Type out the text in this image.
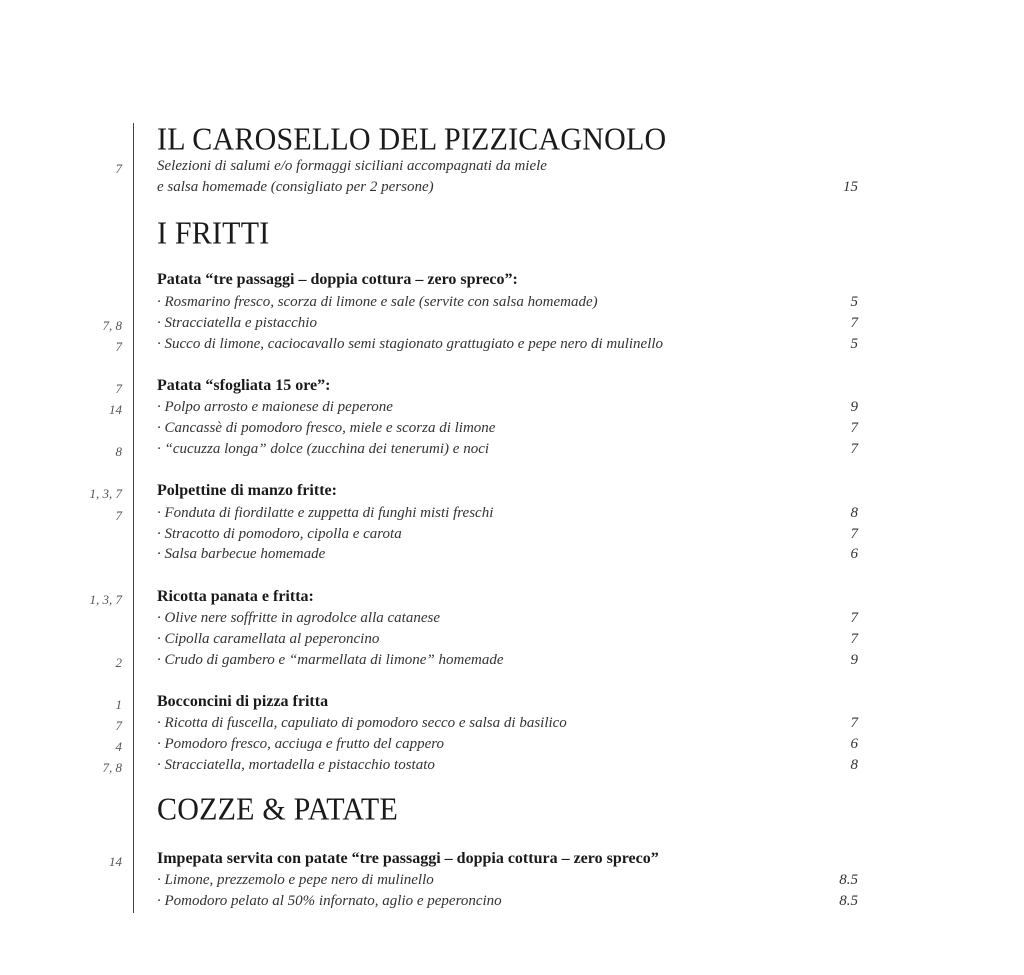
IL CAROSELLO DEL PIZZICAGNOLO
7 Selezioni di salumi e/o formaggi siciliani accompagnati da miele
e salsa homemade (consigliato per 2 persone)	15
I FRITTI
Patata “tre passaggi – doppia cottura – zero spreco”:
· Rosmarino fresco, scorza di limone e sale (servite con salsa homemade)	5
7, 8 · Stracciatella e pistacchio	7
7 · Succo di limone, caciocavallo semi stagionato grattugiato e pepe nero di mulinello	5
7 Patata “sfogliata 15 ore”:
14 · Polpo arrosto e maionese di peperone	9
· Cancassè di pomodoro fresco, miele e scorza di limone	7
8 · “cucuzza longa” dolce (zucchina dei tenerumi) e noci	7
1, 3, 7 Polpettine di manzo fritte:
7 · Fonduta di fiordilatte e zuppetta di funghi misti freschi	8
· Stracotto di pomodoro, cipolla e carota	7
· Salsa barbecue homemade	6
1, 3, 7 Ricotta panata e fritta:
· Olive nere soffritte in agrodolce alla catanese	7
· Cipolla caramellata al peperoncino	7
2 · Crudo di gambero e “marmellata di limone” homemade	9
1 Bocconcini di pizza fritta
7 · Ricotta di fuscella, capuliato di pomodoro secco e salsa di basilico	7
4 · Pomodoro fresco, acciuga e frutto del cappero	6
7, 8 · Stracciatella, mortadella e pistacchio tostato	8
COZZE & PATATE
14 Impepata servita con patate “tre passaggi – doppia cottura – zero spreco”
· Limone, prezzemolo e pepe nero di mulinello	8.5
· Pomodoro pelato al 50% infornato, aglio e peperoncino	8.5
